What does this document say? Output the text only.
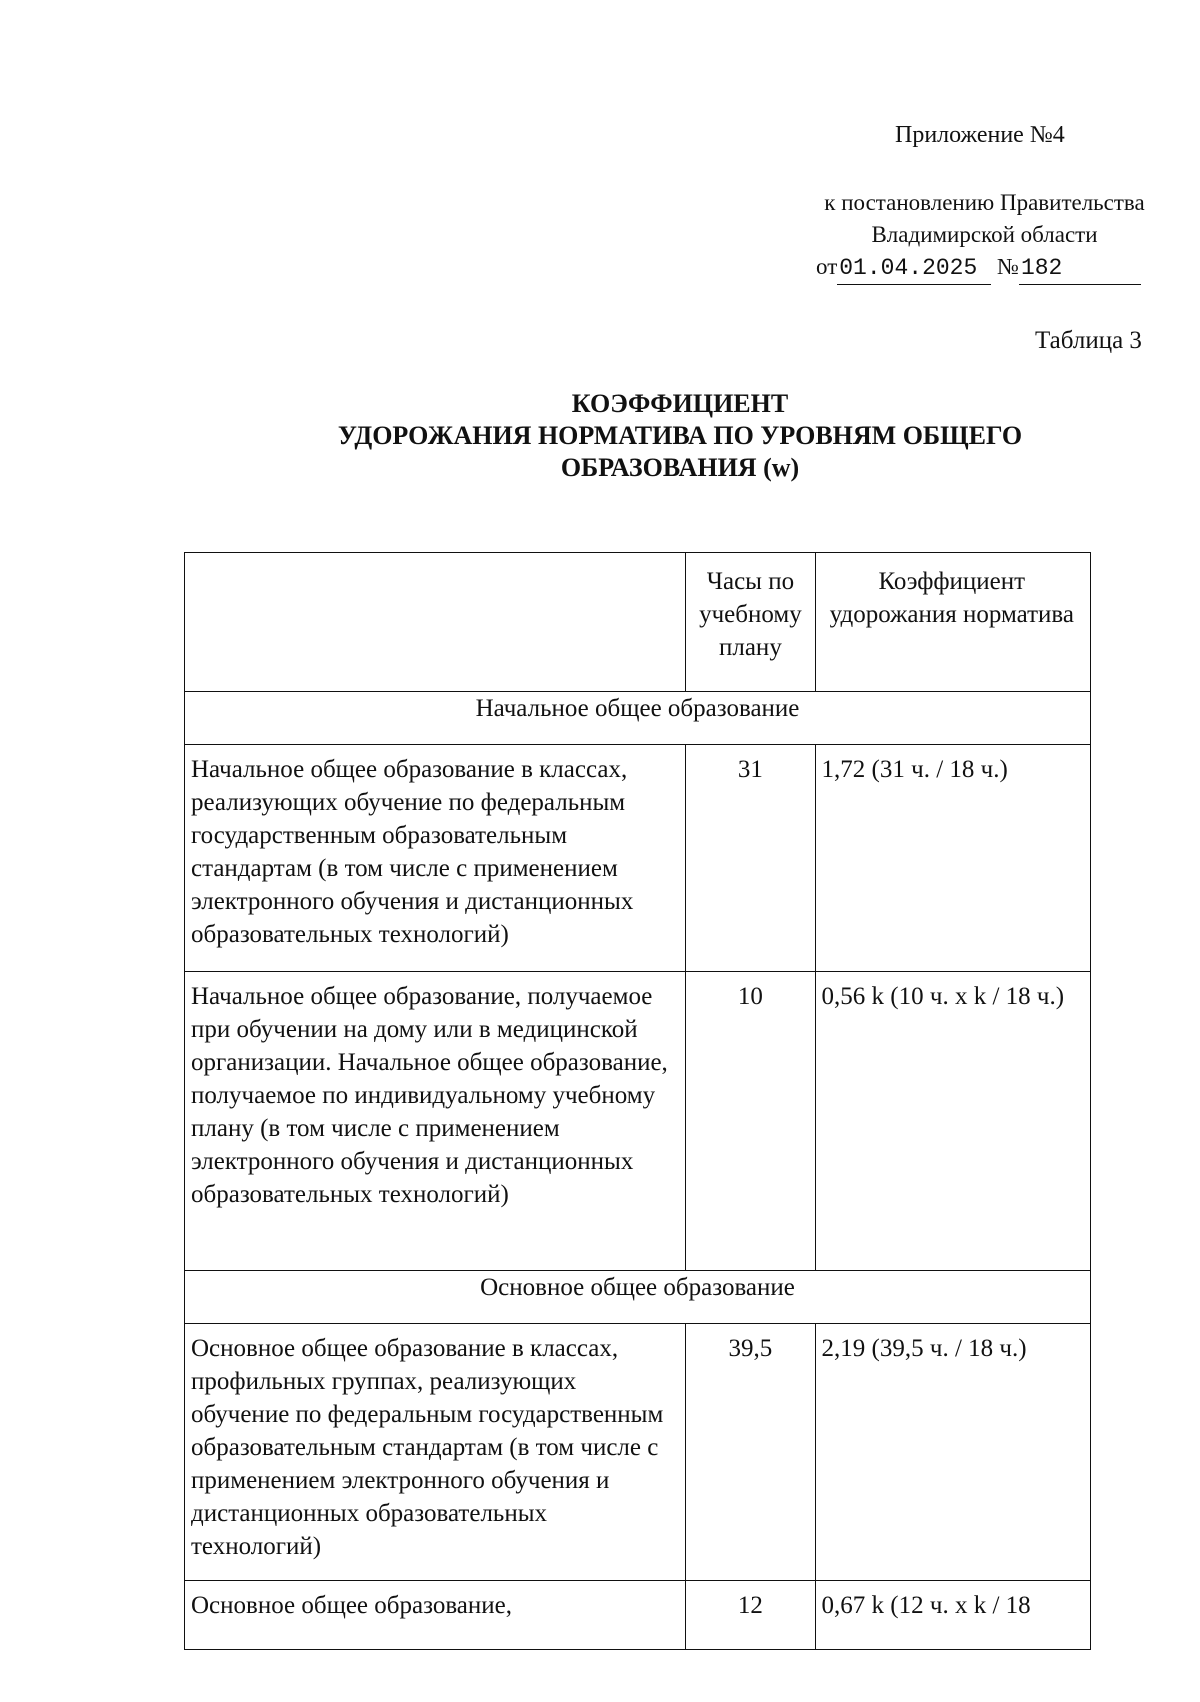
Приложение №4
к постановлению Правительства
Владимирской области
от01.04.2025 №182
Таблица 3
КОЭФФИЦИЕНТ
УДОРОЖАНИЯ НОРМАТИВА ПО УРОВНЯМ ОБЩЕГО
ОБРАЗОВАНИЯ (w)
	Часы по учебному плану	Коэффициент удорожания норматива
Начальное общее образование		
Начальное общее образование в классах, реализующих обучение по федеральным государственным образовательным стандартам (в том числе с применением электронного обучения и дистанционных образовательных технологий)	31	1,72 (31 ч. / 18 ч.)
Начальное общее образование, получаемое при обучении на дому или в медицинской организации. Начальное общее образование, получаемое по индивидуальному учебному плану (в том числе с применением электронного обучения и дистанционных образовательных технологий)	10	0,56 k (10 ч. х k / 18 ч.)
Основное общее образование		
Основное общее образование в классах, профильных группах, реализующих обучение по федеральным государственным образовательным стандартам (в том числе с применением электронного обучения и дистанционных образовательных технологий)	39,5	2,19 (39,5 ч. / 18 ч.)
Основное общее образование,	12	0,67 k (12 ч. х k / 18
